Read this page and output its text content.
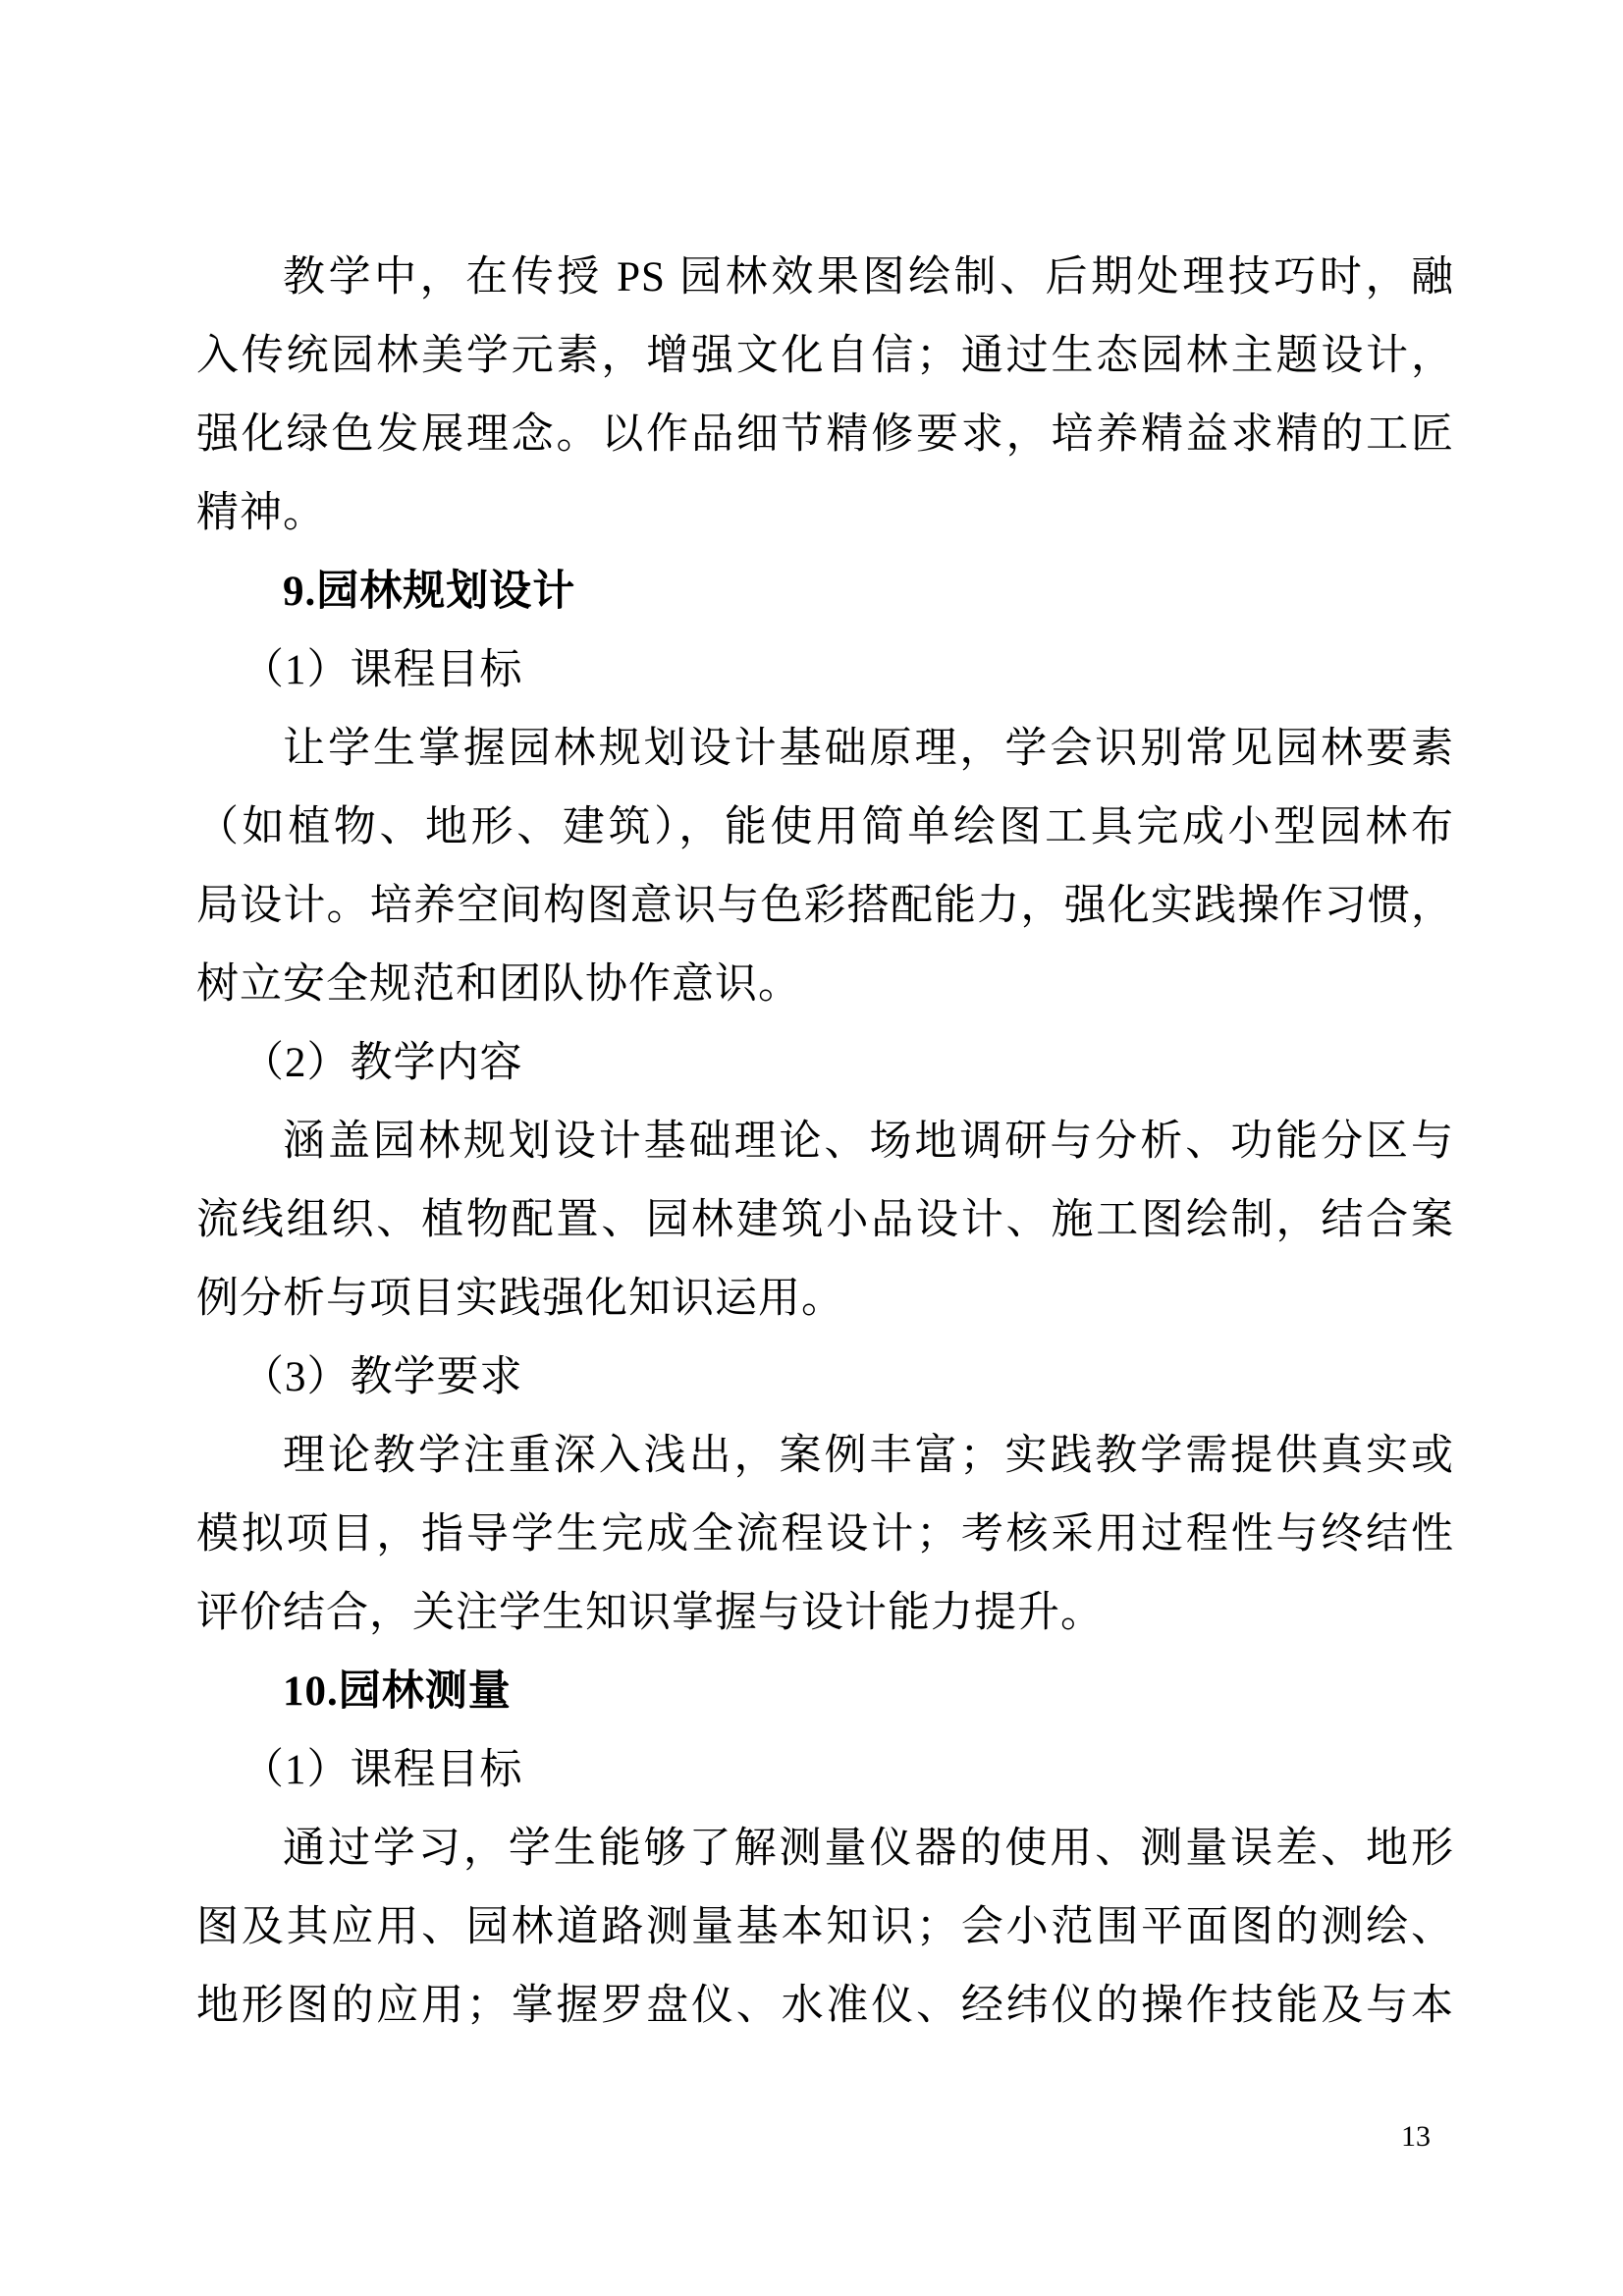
教学中，在传授 PS 园林效果图绘制、后期处理技巧时，融
入传统园林美学元素，增强文化自信；通过生态园林主题设计，
强化绿色发展理念。以作品细节精修要求，培养精益求精的工匠
精神。
9.园林规划设计
（1）课程目标
让学生掌握园林规划设计基础原理，学会识别常见园林要素
（如植物、地形、建筑），能使用简单绘图工具完成小型园林布
局设计。培养空间构图意识与色彩搭配能力，强化实践操作习惯，
树立安全规范和团队协作意识。
（2）教学内容
涵盖园林规划设计基础理论、场地调研与分析、功能分区与
流线组织、植物配置、园林建筑小品设计、施工图绘制，结合案
例分析与项目实践强化知识运用。
（3）教学要求
理论教学注重深入浅出，案例丰富；实践教学需提供真实或
模拟项目，指导学生完成全流程设计；考核采用过程性与终结性
评价结合，关注学生知识掌握与设计能力提升。
10.园林测量
（1）课程目标
通过学习，学生能够了解测量仪器的使用、测量误差、地形
图及其应用、园林道路测量基本知识；会小范围平面图的测绘、
地形图的应用；掌握罗盘仪、水准仪、经纬仪的操作技能及与本
13
